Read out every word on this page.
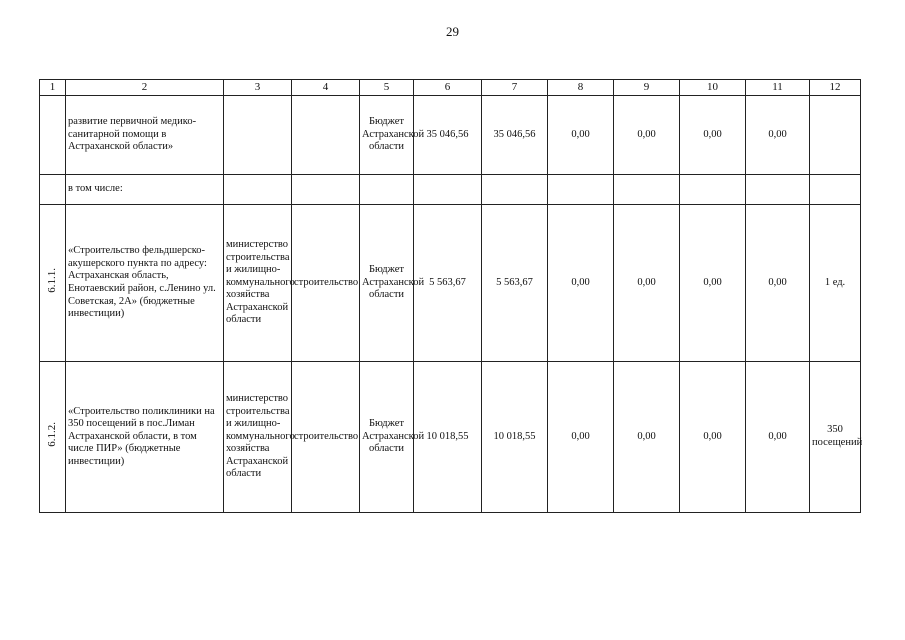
29
1	2	3	4	5	6	7	8	9	10	11	12
	развитие первичной медико-санитарной помощи в Астраханской области»			Бюджет Астраханской области	35 046,56	35 046,56	0,00	0,00	0,00	0,00	
	в том числе:										
6.1.1.	«Строительство фельдшерско-акушерского пункта по адресу: Астраханская область, Енотаевский район, с.Ленино ул. Советская, 2А» (бюджетные инвестиции)	министерство строительства и жилищно-коммунального хозяйства Астраханской области	строительство	Бюджет Астраханской области	5 563,67	5 563,67	0,00	0,00	0,00	0,00	1 ед.
6.1.2.	«Строительство поликлиники на 350 посещений в пос.Лиман Астраханской области, в том числе ПИР» (бюджетные инвестиции)	министерство строительства и жилищно-коммунального хозяйства Астраханской области	строительство	Бюджет Астраханской области	10 018,55	10 018,55	0,00	0,00	0,00	0,00	350 посещений
